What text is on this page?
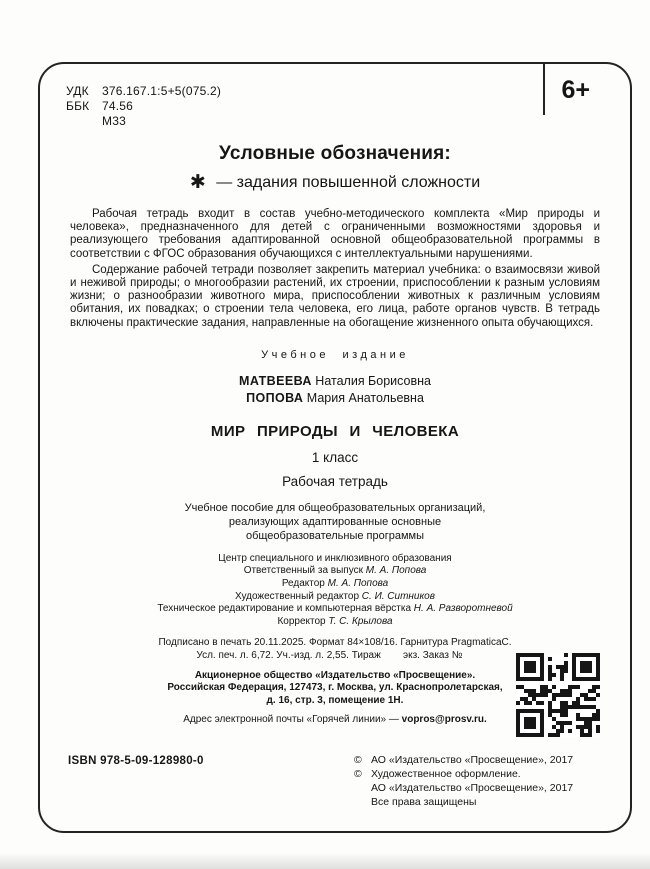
УДК	376.167.1:5+5(075.2)
ББК	74.56
М33
6+
Условные обозначения:
✱ — задания повышенной сложности

Рабочая тетрадь входит в состав учебно-методического комплекта «Мир природы и человека», предназначенного для детей с ограниченными возможностями здоровья и реализующего требования адаптированной основной общеобразовательной программы в соответствии с ФГОС образования обучающихся с интеллектуальными нарушениями.

Содержание рабочей тетради позволяет закрепить материал учебника: о взаимосвязи живой и неживой природы; о многообразии растений, их строении, приспособлении к разным условиям жизни; о разнообразии животного мира, приспособлении животных к различным условиям обитания, их повадках; о строении тела человека, его лица, работе органов чувств. В тетрадь включены практические задания, направленные на обогащение жизненного опыта обучающихся.

Учебное издание
МАТВЕЕВА Наталия Борисовна
ПОПОВА Мария Анатольевна
МИР ПРИРОДЫ И ЧЕЛОВЕКА
1 класс
Рабочая тетрадь
Учебное пособие для общеобразовательных организаций,
реализующих адаптированные основные
общеобразовательные программы
Центр специального и инклюзивного образования
Ответственный за выпуск М. А. Попова
Редактор М. А. Попова
Художественный редактор С. И. Ситников
Техническое редактирование и компьютерная вёрстка Н. А. Разворотневой
Корректор Т. С. Крылова
Подписано в печать 20.11.2025. Формат 84×108/16. Гарнитура PragmaticaC.
Усл. печ. л. 6,72. Уч.-изд. л. 2,55. Тираж        экз. Заказ №
Акционерное общество «Издательство «Просвещение».
Российская Федерация, 127473, г. Москва, ул. Краснопролетарская,
д. 16, стр. 3, помещение 1Н.
Адрес электронной почты «Горячей линии» — vopros@prosv.ru.
ISBN 978-5-09-128980-0	© АО «Издательство «Просвещение», 2017
© Художественное оформление.
АО «Издательство «Просвещение», 2017
Все права защищены
